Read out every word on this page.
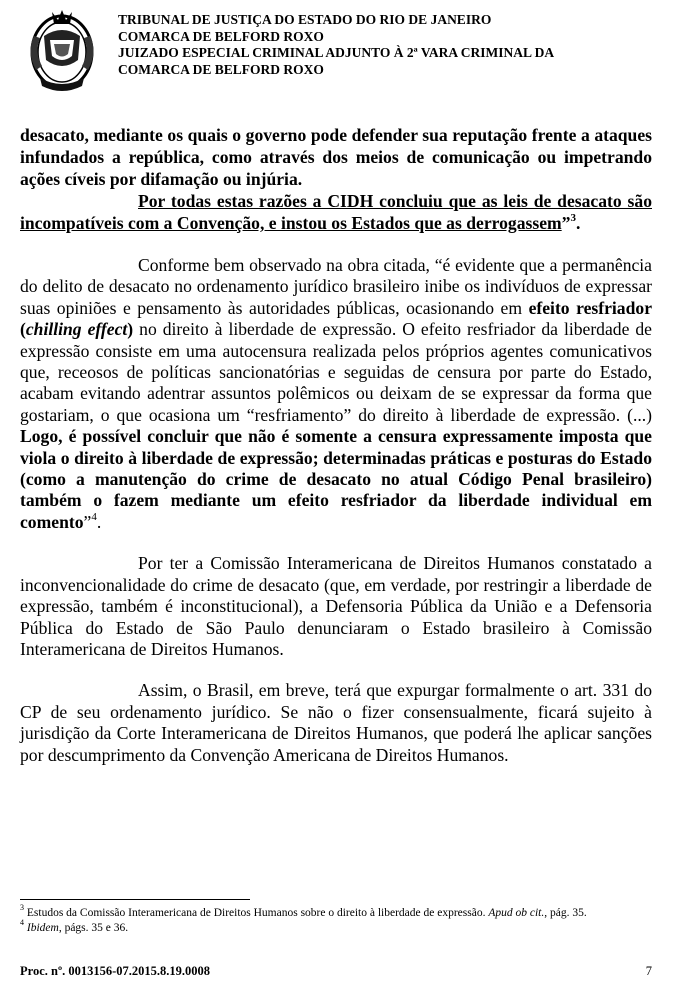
TRIBUNAL DE JUSTIÇA DO ESTADO DO RIO DE JANEIRO
COMARCA DE BELFORD ROXO
JUIZADO ESPECIAL CRIMINAL ADJUNTO À 2ª VARA CRIMINAL DA
COMARCA DE BELFORD ROXO

desacato, mediante os quais o governo pode defender sua reputação frente a ataques infundados a república, como através dos meios de comunicação ou impetrando ações cíveis por difamação ou injúria.

Por todas estas razões a CIDH concluiu que as leis de desacato são incompatíveis com a Convenção, e instou os Estados que as derrogassem”$^3$.

Conforme bem observado na obra citada, “é evidente que a permanência do delito de desacato no ordenamento jurídico brasileiro inibe os indivíduos de expressar suas opiniões e pensamento às autoridades públicas, ocasionando em efeito resfriador (chilling effect) no direito à liberdade de expressão. O efeito resfriador da liberdade de expressão consiste em uma autocensura realizada pelos próprios agentes comunicativos que, receosos de políticas sancionatórias e seguidas de censura por parte do Estado, acabam evitando adentrar assuntos polêmicos ou deixam de se expressar da forma que gostariam, o que ocasiona um “resfriamento” do direito à liberdade de expressão. (...) Logo, é possível concluir que não é somente a censura expressamente imposta que viola o direito à liberdade de expressão; determinadas práticas e posturas do Estado (como a manutenção do crime de desacato no atual Código Penal brasileiro) também o fazem mediante um efeito resfriador da liberdade individual em comento”$^4$.

Por ter a Comissão Interamericana de Direitos Humanos constatado a inconvencionalidade do crime de desacato (que, em verdade, por restringir a liberdade de expressão, também é inconstitucional), a Defensoria Pública da União e a Defensoria Pública do Estado de São Paulo denunciaram o Estado brasileiro à Comissão Interamericana de Direitos Humanos.

Assim, o Brasil, em breve, terá que expurgar formalmente o art. 331 do CP de seu ordenamento jurídico. Se não o fizer consensualmente, ficará sujeito à jurisdição da Corte Interamericana de Direitos Humanos, que poderá lhe aplicar sanções por descumprimento da Convenção Americana de Direitos Humanos.

$^3$ Estudos da Comissão Interamericana de Direitos Humanos sobre o direito à liberdade de expressão. Apud ob cit., pág. 35.
$^4$ Ibidem, págs. 35 e 36.
Proc. nº. 0013156-07.2015.8.19.0008	7
